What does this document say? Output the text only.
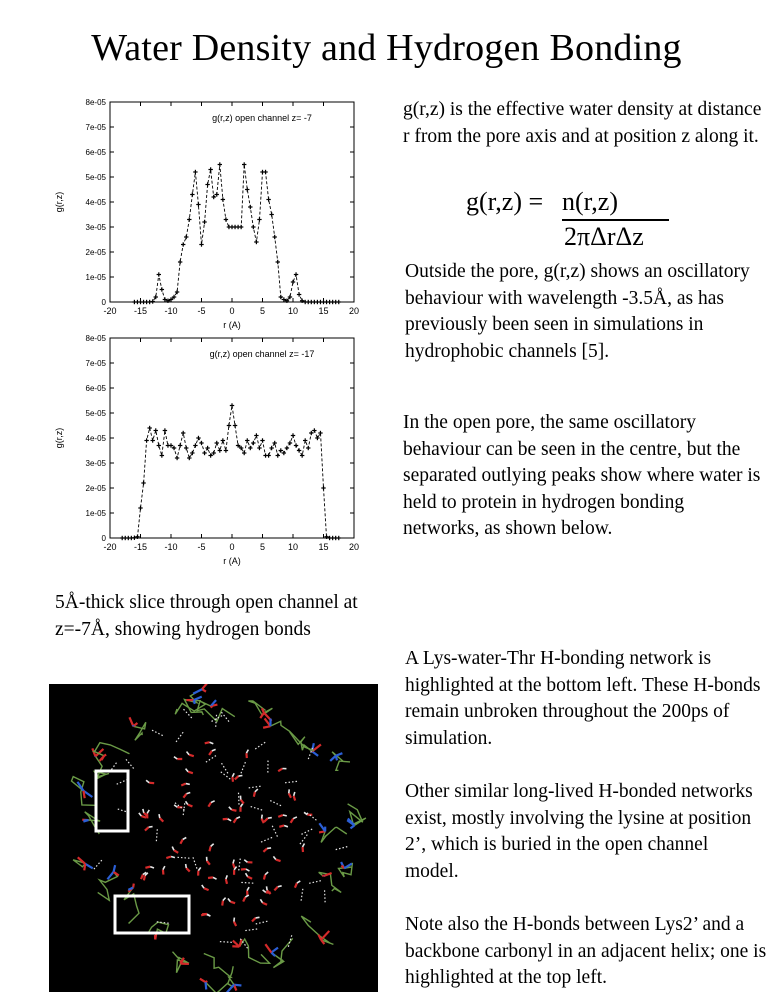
Water Density and Hydrogen Bonding
0
1e-05
2e-05
3e-05
4e-05
5e-05
6e-05
7e-05
8e-05
-20 -15 -10 -5	0	5	10 15 20
g(r,z) open channel z= -7
r (A)
g(r,z)
0
1e-05
2e-05
3e-05
4e-05
5e-05
6e-05
7e-05
8e-05
-20 -15 -10 -5	0	5	10 15 20
g(r,z) open channel z= -17
r (A)
g(r,z)
g(r,z) is the effective water density at distance r from the pore axis and at position z along it.
g(r,z) = n(r,z)
2πΔrΔz
Outside the pore, g(r,z) shows an oscillatory behaviour with wavelength -3.5Å, as has previously been seen in simulations in hydrophobic channels [5].
In the open pore, the same oscillatory behaviour can be seen in the centre, but the separated outlying peaks show where water is held to protein in hydrogen bonding networks, as shown below.
5Å-thick slice through open channel at z=-7Å, showing hydrogen bonds
A Lys-water-Thr H-bonding network is highlighted at the bottom left. These H-bonds remain unbroken throughout the 200ps of simulation.
Other similar long-lived H-bonded networks exist, mostly involving the lysine at position 2’, which is buried in the open channel model.
Note also the H-bonds between Lys2’ and a backbone carbonyl in an adjacent helix; one is highlighted at the top left.
